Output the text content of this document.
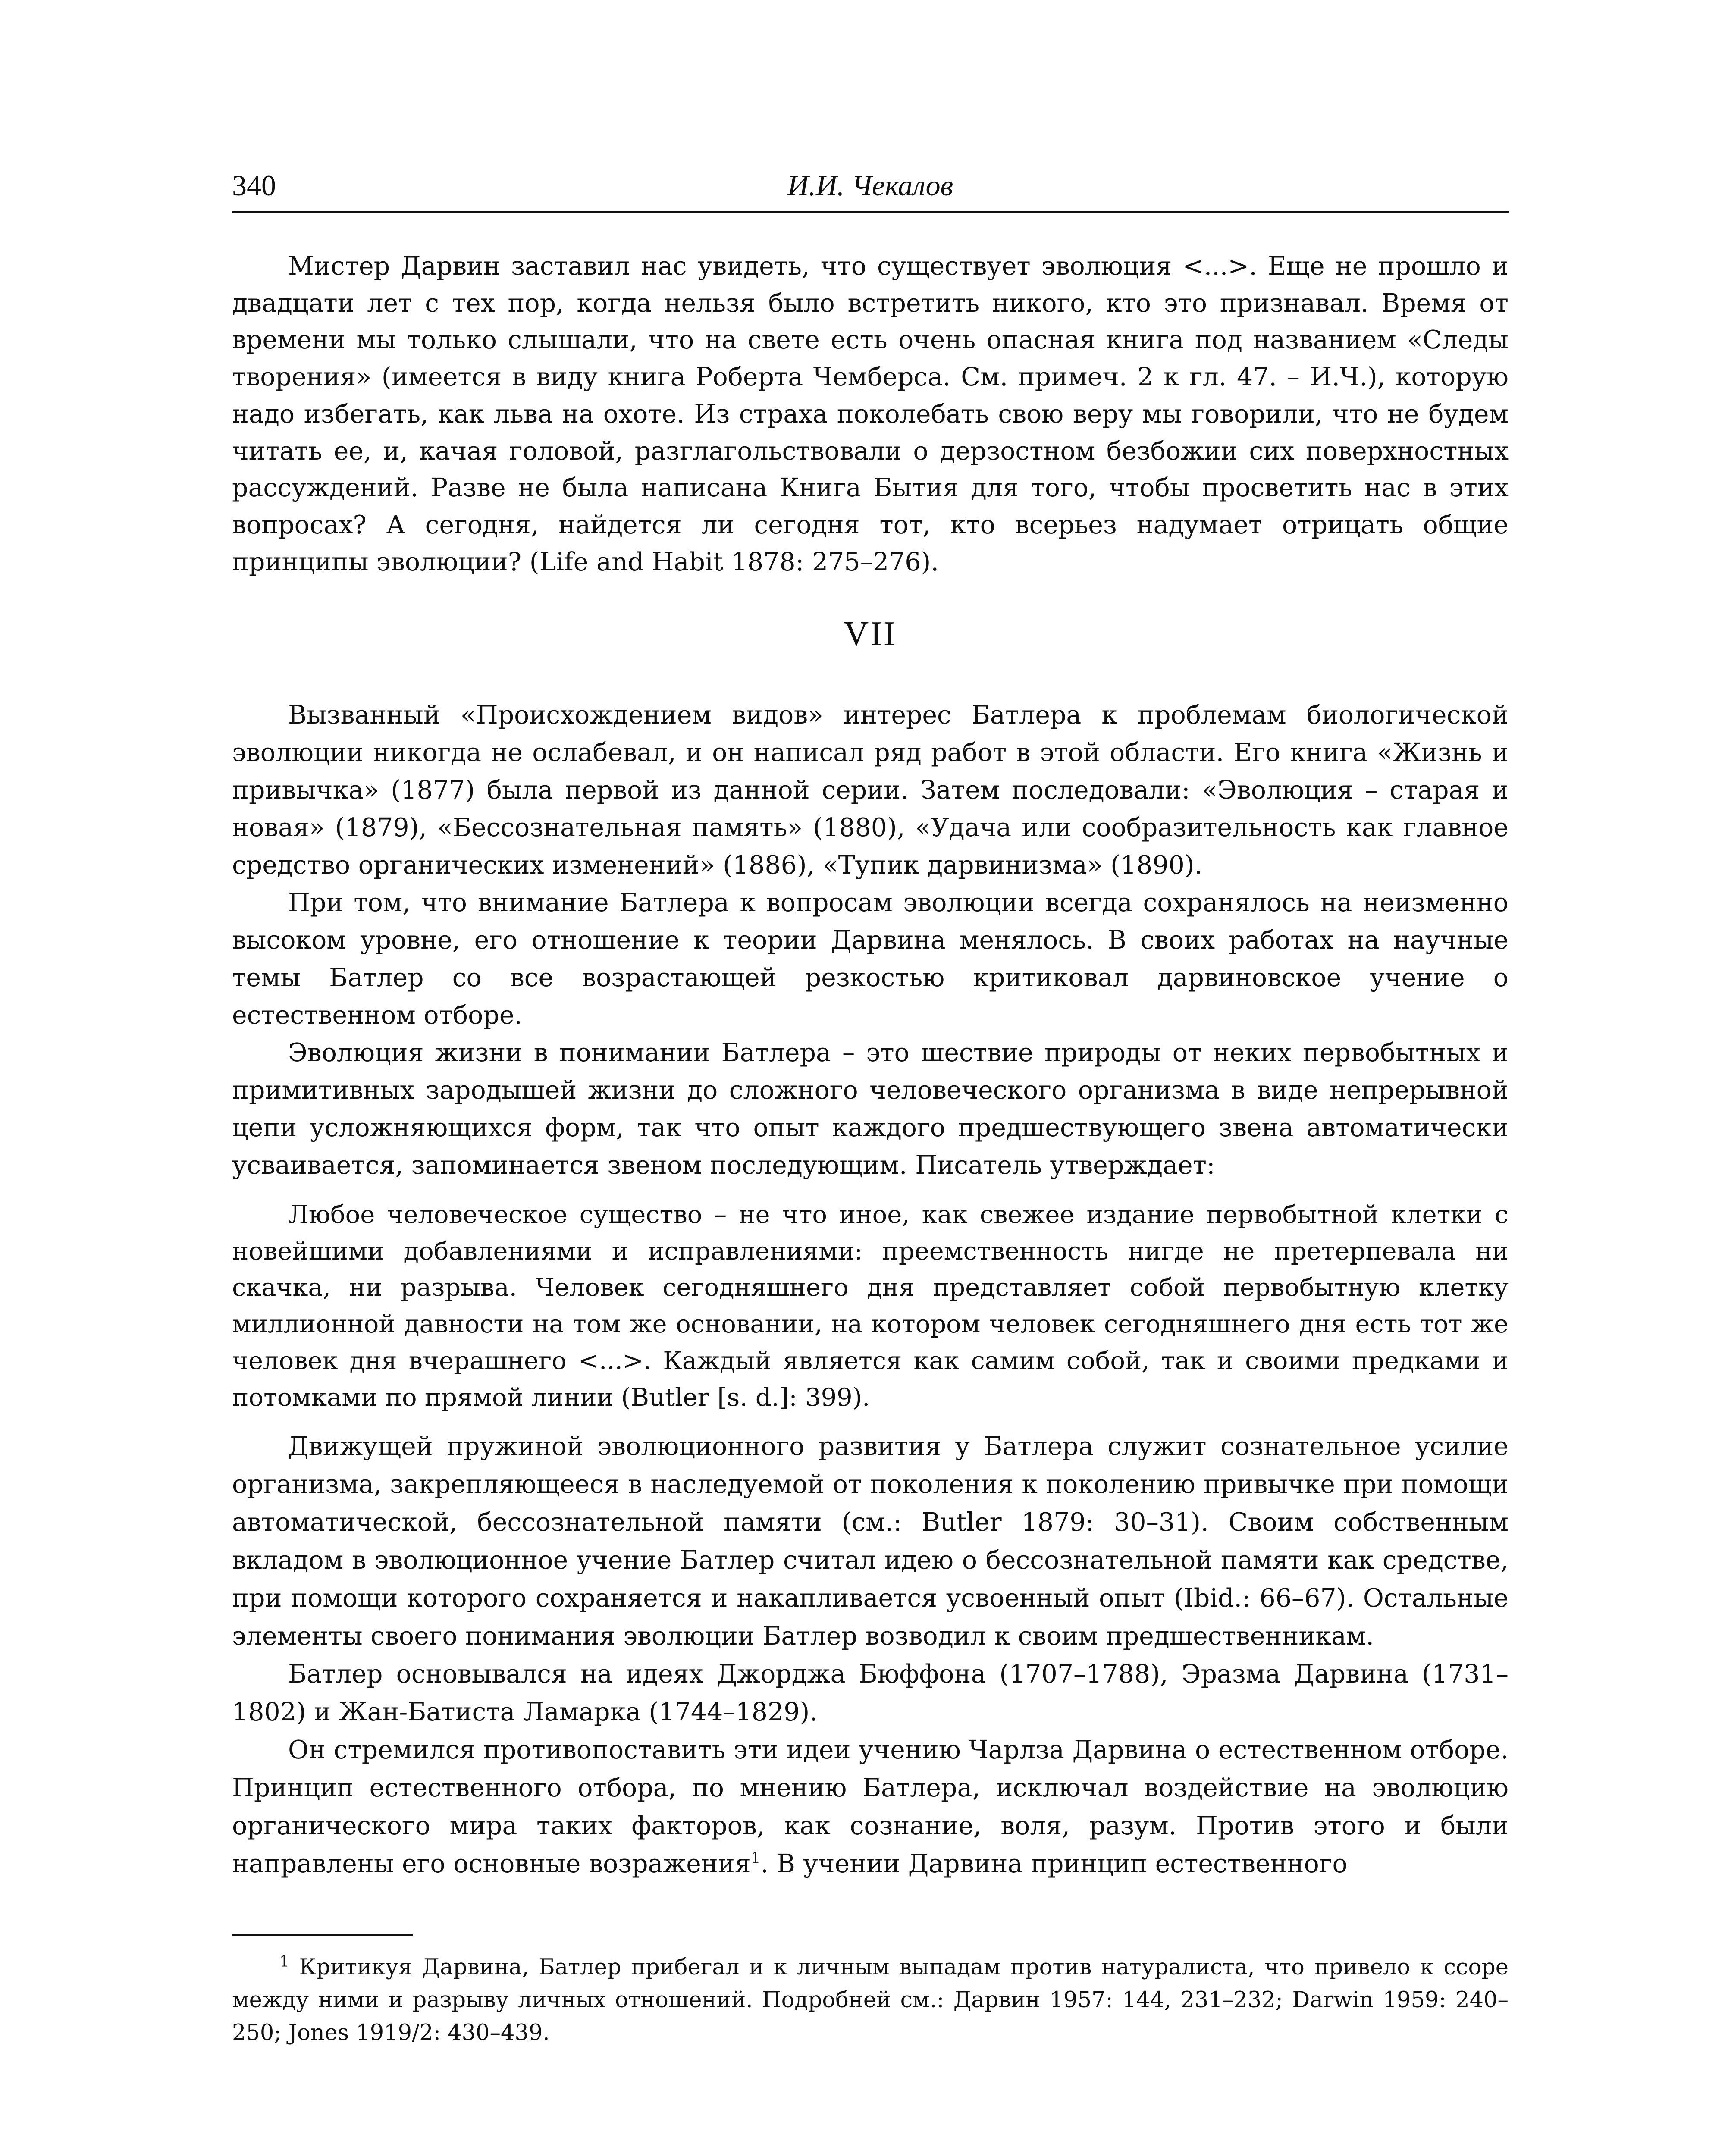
340	И.И. Чекалов

Мистер Дарвин заставил нас увидеть, что существует эволюция <...>. Еще не прошло и двадцати лет с тех пор, когда нельзя было встретить никого, кто это признавал. Время от времени мы только слышали, что на свете есть очень опасная книга под названием «Следы творения» (имеется в виду книга Роберта Чемберса. См. примеч. 2 к гл. 47. – И.Ч.), которую надо избегать, как льва на охоте. Из страха поколебать свою веру мы говорили, что не будем читать ее, и, качая головой, разглагольствовали о дерзостном безбожии сих поверхностных рассуждений. Разве не была написана Книга Бытия для того, чтобы просветить нас в этих вопросах? А сегодня, найдется ли сегодня тот, кто всерьез надумает отрицать общие принципы эволюции? (Life and Habit 1878: 275–276).

VII

Вызванный «Происхождением видов» интерес Батлера к проблемам биологической эволюции никогда не ослабевал, и он написал ряд работ в этой области. Его книга «Жизнь и привычка» (1877) была первой из данной серии. Затем последовали: «Эволюция – старая и новая» (1879), «Бессознательная память» (1880), «Удача или сообразительность как главное средство органических изменений» (1886), «Тупик дарвинизма» (1890).

При том, что внимание Батлера к вопросам эволюции всегда сохранялось на неизменно высоком уровне, его отношение к теории Дарвина менялось. В своих работах на научные темы Батлер со все возрастающей резкостью критиковал дарвиновское учение о естественном отборе.

Эволюция жизни в понимании Батлера – это шествие природы от неких первобытных и примитивных зародышей жизни до сложного человеческого организма в виде непрерывной цепи усложняющихся форм, так что опыт каждого предшествующего звена автоматически усваивается, запоминается звеном последующим. Писатель утверждает:

Любое человеческое существо – не что иное, как свежее издание первобытной клетки с новейшими добавлениями и исправлениями: преемственность нигде не претерпевала ни скачка, ни разрыва. Человек сегодняшнего дня представляет собой первобытную клетку миллионной давности на том же основании, на котором человек сегодняшнего дня есть тот же человек дня вчерашнего <...>. Каждый является как самим собой, так и своими предками и потомками по прямой линии (Butler [s. d.]: 399).

Движущей пружиной эволюционного развития у Батлера служит сознательное усилие организма, закрепляющееся в наследуемой от поколения к поколению привычке при помощи автоматической, бессознательной памяти (см.: Butler 1879: 30–31). Своим собственным вкладом в эволюционное учение Батлер считал идею о бессознательной памяти как средстве, при помощи которого сохраняется и накапливается усвоенный опыт (Ibid.: 66–67). Остальные элементы своего понимания эволюции Батлер возводил к своим предшественникам.

Батлер основывался на идеях Джорджа Бюффона (1707–1788), Эразма Дарвина (1731–1802) и Жан-Батиста Ламарка (1744–1829).

Он стремился противопоставить эти идеи учению Чарлза Дарвина о естественном отборе. Принцип естественного отбора, по мнению Батлера, исключал воздействие на эволюцию органического мира таких факторов, как сознание, воля, разум. Против этого и были направлены его основные возражения$^1$. В учении Дарвина принцип естественного

$^1$ Критикуя Дарвина, Батлер прибегал и к личным выпадам против натуралиста, что привело к ссоре между ними и разрыву личных отношений. Подробней см.: Дарвин 1957: 144, 231–232; Darwin 1959: 240–250; Jones 1919/2: 430–439.
